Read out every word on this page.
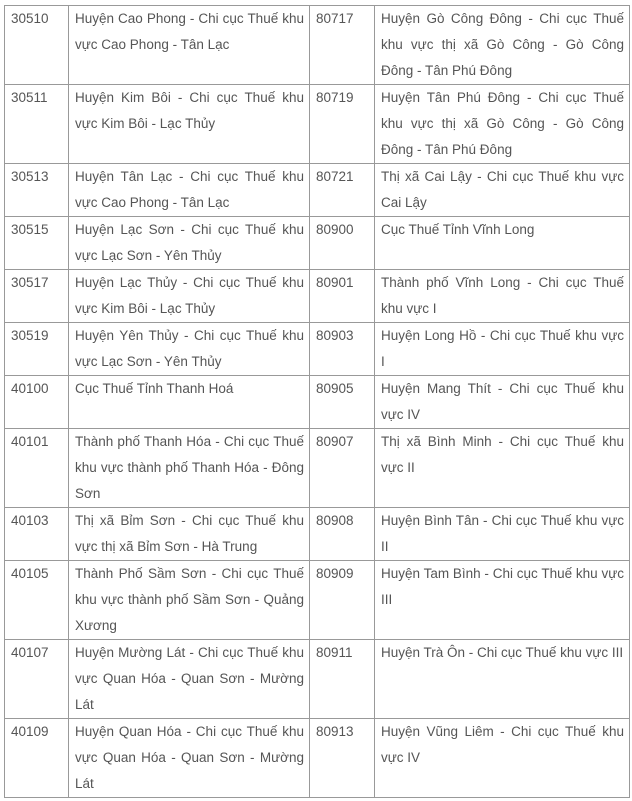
30510	Huyện Cao Phong - Chi cục Thuế khu vực Cao Phong - Tân Lạc	80717	Huyện Gò Công Đông - Chi cục Thuế khu vực thị xã Gò Công - Gò Công Đông - Tân Phú Đông
30511	Huyện Kim Bôi - Chi cục Thuế khu vực Kim Bôi - Lạc Thủy	80719	Huyện Tân Phú Đông - Chi cục Thuế khu vực thị xã Gò Công - Gò Công Đông - Tân Phú Đông
30513	Huyện Tân Lạc - Chi cục Thuế khu vực Cao Phong - Tân Lạc	80721	Thị xã Cai Lậy - Chi cục Thuế khu vực Cai Lậy
30515	Huyện Lạc Sơn - Chi cục Thuế khu vực Lạc Sơn - Yên Thủy	80900	Cục Thuế Tỉnh Vĩnh Long
30517	Huyện Lạc Thủy - Chi cục Thuế khu vực Kim Bôi - Lạc Thủy	80901	Thành phố Vĩnh Long - Chi cục Thuế khu vực I
30519	Huyện Yên Thủy - Chi cục Thuế khu vực Lạc Sơn - Yên Thủy	80903	Huyện Long Hồ - Chi cục Thuế khu vực I
40100	Cục Thuế Tỉnh Thanh Hoá	80905	Huyện Mang Thít - Chi cục Thuế khu vực IV
40101	Thành phố Thanh Hóa - Chi cục Thuế khu vực thành phố Thanh Hóa - Đông Sơn	80907	Thị xã Bình Minh - Chi cục Thuế khu vực II
40103	Thị xã Bỉm Sơn - Chi cục Thuế khu vực thị xã Bỉm Sơn - Hà Trung	80908	Huyện Bình Tân - Chi cục Thuế khu vực II
40105	Thành Phố Sầm Sơn - Chi cục Thuế khu vực thành phố Sầm Sơn - Quảng Xương	80909	Huyện Tam Bình - Chi cục Thuế khu vực III
40107	Huyện Mường Lát - Chi cục Thuế khu vực Quan Hóa - Quan Sơn - Mường Lát	80911	Huyện Trà Ôn - Chi cục Thuế khu vực III
40109	Huyện Quan Hóa - Chi cục Thuế khu vực Quan Hóa - Quan Sơn - Mường Lát	80913	Huyện Vũng Liêm - Chi cục Thuế khu vực IV
